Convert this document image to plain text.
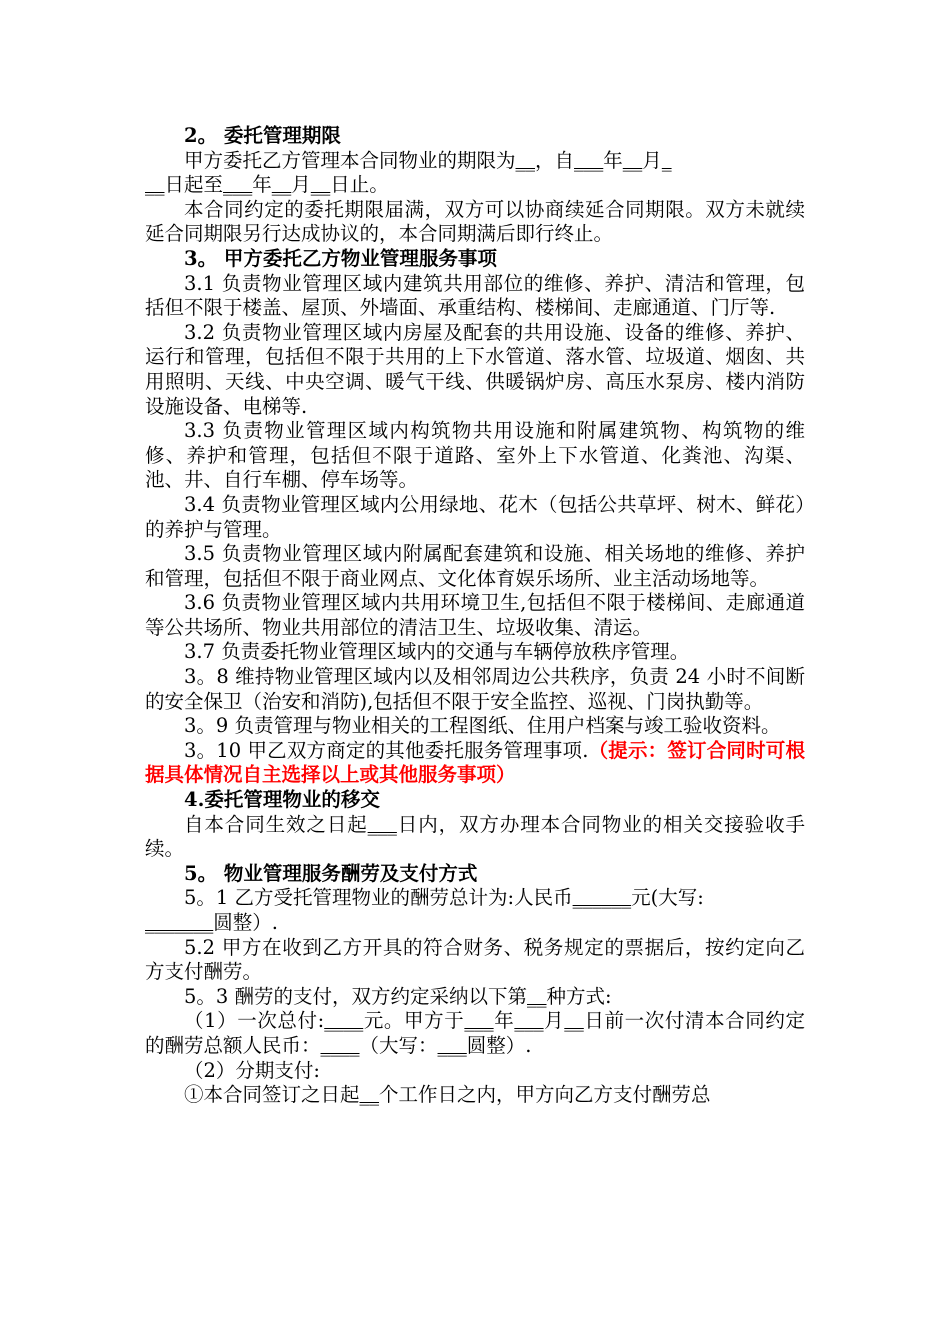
2。 委托管理期限

甲方委托乙方管理本合同物业的期限为__，自___年__月_
__日起至___年__月__日止。

本合同约定的委托期限届满，双方可以协商续延合同期限。双方未就续延合同期限另行达成协议的，本合同期满后即行终止。

3。 甲方委托乙方物业管理服务事项

3.1 负责物业管理区域内建筑共用部位的维修、养护、清洁和管理，包括但不限于楼盖、屋顶、外墙面、承重结构、楼梯间、走廊通道、门厅等.

3.2 负责物业管理区域内房屋及配套的共用设施、设备的维修、养护、运行和管理，包括但不限于共用的上下水管道、落水管、垃圾道、烟囱、共用照明、天线、中央空调、暖气干线、供暖锅炉房、高压水泵房、楼内消防设施设备、电梯等.

3.3 负责物业管理区域内构筑物共用设施和附属建筑物、构筑物的维修、养护和管理，包括但不限于道路、室外上下水管道、化粪池、沟渠、池、井、自行车棚、停车场等。

3.4 负责物业管理区域内公用绿地、花木（包括公共草坪、树木、鲜花）的养护与管理。

3.5 负责物业管理区域内附属配套建筑和设施、相关场地的维修、养护和管理，包括但不限于商业网点、文化体育娱乐场所、业主活动场地等。

3.6 负责物业管理区域内共用环境卫生,包括但不限于楼梯间、走廊通道等公共场所、物业共用部位的清洁卫生、垃圾收集、清运。

3.7 负责委托物业管理区域内的交通与车辆停放秩序管理。

3。8 维持物业管理区域内以及相邻周边公共秩序，负责 24 小时不间断的安全保卫（治安和消防),包括但不限于安全监控、巡视、门岗执勤等。

3。9 负责管理与物业相关的工程图纸、住用户档案与竣工验收资料。

3。10 甲乙双方商定的其他委托服务管理事项.（提示：签订合同时可根据具体情况自主选择以上或其他服务事项）

4.委托管理物业的移交

自本合同生效之日起___日内，双方办理本合同物业的相关交接验收手续。

5。 物业管理服务酬劳及支付方式

5。1 乙方受托管理物业的酬劳总计为:人民币______元(大写:
_______圆整）.

5.2 甲方在收到乙方开具的符合财务、税务规定的票据后，按约定向乙方支付酬劳。

5。3 酬劳的支付，双方约定采纳以下第__种方式:

（1）一次总付:____元。甲方于___年___月__日前一次付清本合同约定的酬劳总额人民币：____（大写：___圆整）.

（2）分期支付:

①本合同签订之日起__个工作日之内，甲方向乙方支付酬劳总
